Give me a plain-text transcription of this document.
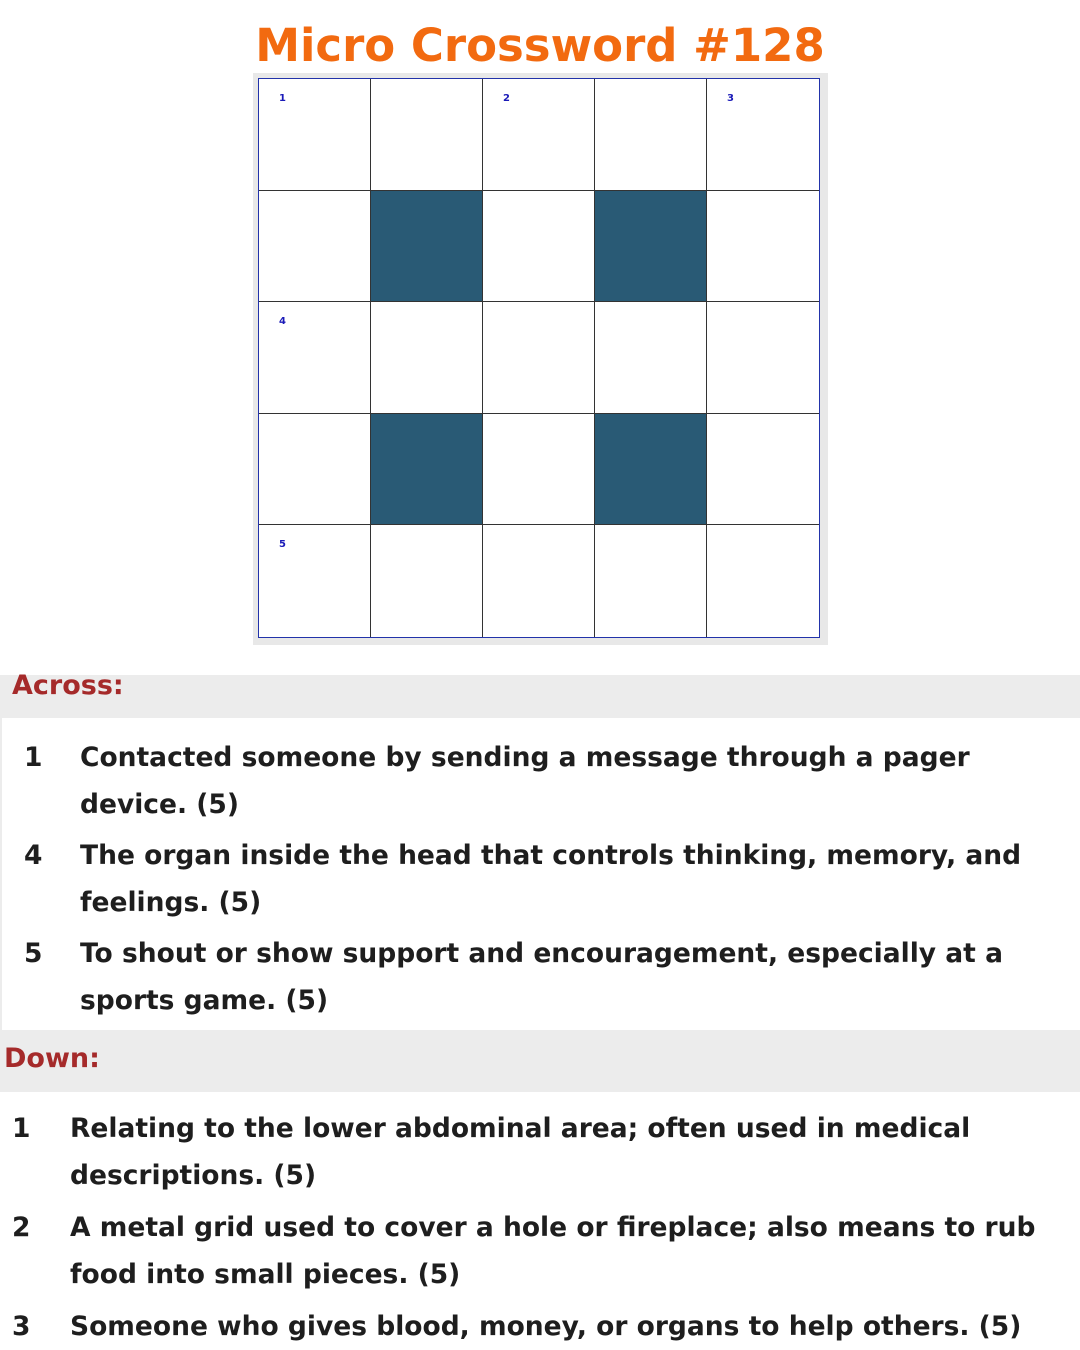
Micro Crossword #128
1	2	3
4
5
Across:
1	Contacted someone by sending a message through a pager device. (5)
4	The organ inside the head that controls thinking, memory, and feelings. (5)
5	To shout or show support and encouragement, especially at a sports game. (5)
Down:
1	Relating to the lower abdominal area; often used in medical descriptions. (5)
2	A metal grid used to cover a hole or fireplace; also means to rub food into small pieces. (5)
3	Someone who gives blood, money, or organs to help others. (5)
